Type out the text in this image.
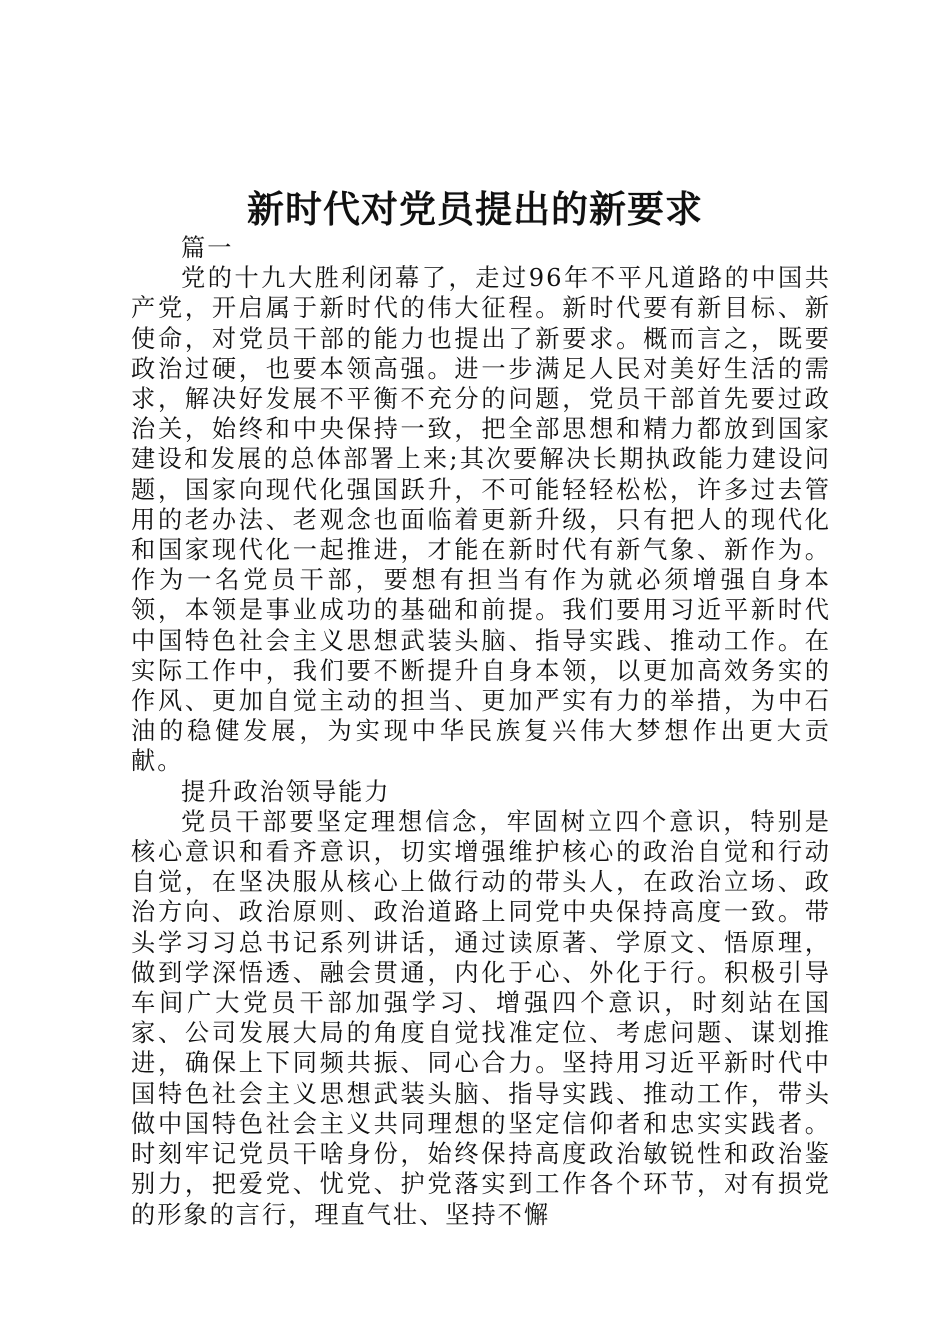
新时代对党员提出的新要求

篇一

党的十九大胜利闭幕了，走过96年不平凡道路的中国共产党，开启属于新时代的伟大征程。新时代要有新目标、新使命，对党员干部的能力也提出了新要求。概而言之，既要政治过硬，也要本领高强。进一步满足人民对美好生活的需求，解决好发展不平衡不充分的问题，党员干部首先要过政治关，始终和中央保持一致，把全部思想和精力都放到国家建设和发展的总体部署上来;其次要解决长期执政能力建设问题，国家向现代化强国跃升，不可能轻轻松松，许多过去管用的老办法、老观念也面临着更新升级，只有把人的现代化和国家现代化一起推进，才能在新时代有新气象、新作为。作为一名党员干部，要想有担当有作为就必须增强自身本领，本领是事业成功的基础和前提。我们要用习近平新时代中国特色社会主义思想武装头脑、指导实践、推动工作。在实际工作中，我们要不断提升自身本领，以更加高效务实的作风、更加自觉主动的担当、更加严实有力的举措，为中石油的稳健发展，为实现中华民族复兴伟大梦想作出更大贡献。

提升政治领导能力

党员干部要坚定理想信念，牢固树立四个意识，特别是核心意识和看齐意识，切实增强维护核心的政治自觉和行动自觉，在坚决服从核心上做行动的带头人，在政治立场、政治方向、政治原则、政治道路上同党中央保持高度一致。带头学习习总书记系列讲话，通过读原著、学原文、悟原理，做到学深悟透、融会贯通，内化于心、外化于行。积极引导车间广大党员干部加强学习、增强四个意识，时刻站在国家、公司发展大局的角度自觉找准定位、考虑问题、谋划推进，确保上下同频共振、同心合力。坚持用习近平新时代中国特色社会主义思想武装头脑、指导实践、推动工作，带头做中国特色社会主义共同理想的坚定信仰者和忠实实践者。时刻牢记党员干啥身份，始终保持高度政治敏锐性和政治鉴别力，把爱党、忧党、护党落实到工作各个环节，对有损党的形象的言行，理直气壮、坚持不懈
